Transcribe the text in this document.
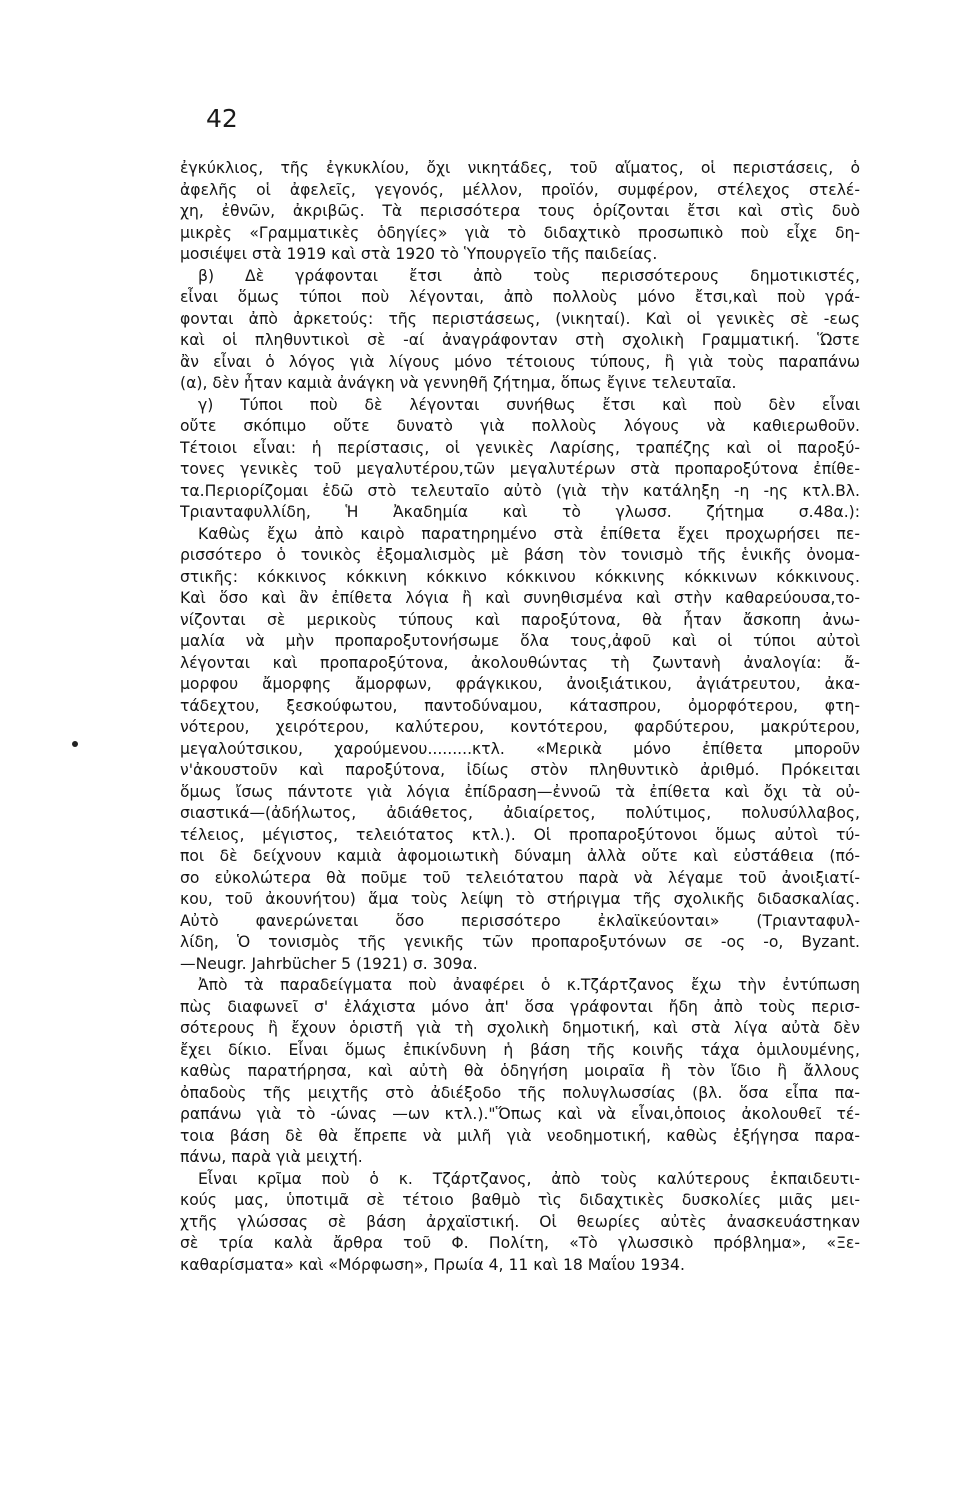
42
ἐγκύκλιος, τῆς ἐγκυκλίου, ὄχι νικητάδες, τοῦ αἵματος, οἱ περιστάσεις, ὁ
ἀφελῆς οἱ ἀφελεῖς, γεγονός, μέλλον, προϊόν, συμφέρον, στέλεχος στελέ-
χη, ἐθνῶν, ἀκριβῶς. Τὰ περισσότερα τους ὁρίζονται ἔτσι καὶ στὶς δυὸ
μικρὲς «Γραμματικὲς ὁδηγίες» γιὰ τὸ διδαχτικὸ προσωπικὸ ποὺ εἶχε δη-
μοσιέψει στὰ 1919 καὶ στὰ 1920 τὸ Ὑπουργεῖο τῆς παιδείας.
β) Δὲ γράφονται ἔτσι ἀπὸ τοὺς περισσότερους δημοτικιστές,
εἶναι ὅμως τύποι ποὺ λέγονται, ἀπὸ πολλοὺς μόνο ἔτσι,καὶ ποὺ γρά-
φονται ἀπὸ ἀρκετούς: τῆς περιστάσεως, (νικηταί). Καὶ οἱ γενικὲς σὲ -εως
καὶ οἱ πληθυντικοὶ σὲ -αί ἀναγράφονταν στὴ σχολικὴ Γραμματική. Ὥστε
ἂν εἶναι ὁ λόγος γιὰ λίγους μόνο τέτοιους τύπους, ἢ γιὰ τοὺς παραπάνω
(α), δὲν ἦταν καμιὰ ἀνάγκη νὰ γεννηθῆ ζήτημα, ὅπως ἔγινε τελευταῖα.
γ) Τύποι ποὺ δὲ λέγονται συνήθως ἔτσι καὶ ποὺ δὲν εἶναι
οὔτε σκόπιμο οὔτε δυνατὸ γιὰ πολλοὺς λόγους νὰ καθιερωθοῦν.
Τέτοιοι εἶναι: ἡ περίστασις, οἱ γενικὲς Λαρίσης, τραπέζης καὶ οἱ παροξύ-
τονες γενικὲς τοῦ μεγαλυτέρου,τῶν μεγαλυτέρων στὰ προπαροξύτονα ἐπίθε-
τα.Περιορίζομαι ἐδῶ στὸ τελευταῖο αὐτὸ (γιὰ τὴν κατάληξη -η -ης κτλ.Βλ.
Τριανταφυλλίδη, Ἡ Ἀκαδημία καὶ τὸ γλωσσ. ζήτημα σ.48α.):
Καθὼς ἔχω ἀπὸ καιρὸ παρατηρημένο στὰ ἐπίθετα ἔχει προχωρήσει πε-
ρισσότερο ὁ τονικὸς ἐξομαλισμὸς μὲ βάση τὸν τονισμὸ τῆς ἑνικῆς ὀνομα-
στικῆς: κόκκινος κόκκινη κόκκινο κόκκινου κόκκινης κόκκινων κόκκινους.
Καὶ ὅσο καὶ ἂν ἐπίθετα λόγια ἢ καὶ συνηθισμένα καὶ στὴν καθαρεύουσα,το-
νίζονται σὲ μερικοὺς τύπους καὶ παροξύτονα, θὰ ἦταν ἄσκοπη ἀνω-
μαλία νὰ μὴν προπαροξυτονήσωμε ὅλα τους,ἀφοῦ καὶ οἱ τύποι αὐτοὶ
λέγονται καὶ προπαροξύτονα, ἀκολουθώντας τὴ ζωντανὴ ἀναλογία: ἄ-
μορφου ἄμορφης ἄμορφων, φράγκικου, ἀνοιξιάτικου, ἀγιάτρευτου, ἀκα-
τάδεχτου, ξεσκούφωτου, παντοδύναμου, κάτασπρου, ὀμορφότερου, φτη-
νότερου, χειρότερου, καλύτερου, κοντότερου, φαρδύτερου, μακρύτερου,
μεγαλούτσικου, χαρούμενου.........κτλ. «Μερικὰ μόνο ἐπίθετα μποροῦν
ν'ἀκουστοῦν καὶ παροξύτονα, ἰδίως στὸν πληθυντικὸ ἀριθμό. Πρόκειται
ὅμως ἴσως πάντοτε γιὰ λόγια ἐπίδραση—ἐννοῶ τὰ ἐπίθετα καὶ ὄχι τὰ οὐ-
σιαστικά—(ἀδήλωτος, ἀδιάθετος, ἀδιαίρετος, πολύτιμος, πολυσύλλαβος,
τέλειος, μέγιστος, τελειότατος κτλ.). Οἱ προπαροξύτονοι ὅμως αὐτοὶ τύ-
ποι δὲ δείχνουν καμιὰ ἀφομοιωτικὴ δύναμη ἀλλὰ οὔτε καὶ εὐστάθεια (πό-
σο εὐκολώτερα θὰ ποῦμε τοῦ τελειότατου παρὰ νὰ λέγαμε τοῦ ἀνοιξιατί-
κου, τοῦ ἀκουνήτου) ἅμα τοὺς λείψη τὸ στήριγμα τῆς σχολικῆς διδασκαλίας.
Αὐτὸ φανερώνεται ὅσο περισσότερο ἐκλαϊκεύονται» (Τριανταφυλ-
λίδη, Ὁ τονισμὸς τῆς γενικῆς τῶν προπαροξυτόνων σε -ος -ο, Byzant.
—Neugr. Jahrbücher 5 (1921) σ. 309α.
Ἀπὸ τὰ παραδείγματα ποὺ ἀναφέρει ὁ κ.Τζάρτζανος ἔχω τὴν ἐντύπωση
πὼς διαφωνεῖ σ' ἐλάχιστα μόνο ἀπ' ὅσα γράφονται ἤδη ἀπὸ τοὺς περισ-
σότερους ἢ ἔχουν ὁριστῆ γιὰ τὴ σχολικὴ δημοτική, καὶ στὰ λίγα αὐτὰ δὲν
ἔχει δίκιο. Εἶναι ὅμως ἐπικίνδυνη ἡ βάση τῆς κοινῆς τάχα ὁμιλουμένης,
καθὼς παρατήρησα, καὶ αὐτὴ θὰ ὁδηγήση μοιραῖα ἢ τὸν ἴδιο ἢ ἄλλους
ὀπαδοὺς τῆς μειχτῆς στὸ ἀδιέξοδο τῆς πολυγλωσσίας (βλ. ὅσα εἶπα πα-
ραπάνω γιὰ τὸ -ώνας —ων κτλ.)."Ὅπως καὶ νὰ εἶναι,ὁποιος ἀκολουθεῖ τέ-
τοια βάση δὲ θὰ ἔπρεπε νὰ μιλῆ γιὰ νεοδημοτική, καθὼς ἐξήγησα παρα-
πάνω, παρὰ γιὰ μειχτή.
Εἶναι κρῖμα ποὺ ὁ κ. Τζάρτζανος, ἀπὸ τοὺς καλύτερους ἐκπαιδευτι-
κούς μας, ὑποτιμᾶ σὲ τέτοιο βαθμὸ τὶς διδαχτικὲς δυσκολίες μιᾶς μει-
χτῆς γλώσσας σὲ βάση ἀρχαϊστική. Οἱ θεωρίες αὐτὲς ἀνασκευάστηκαν
σὲ τρία καλὰ ἄρθρα τοῦ Φ. Πολίτη, «Τὸ γλωσσικὸ πρόβλημα», «Ξε-
καθαρίσματα» καὶ «Μόρφωση», Πρωία 4, 11 καὶ 18 Μαΐου 1934.
